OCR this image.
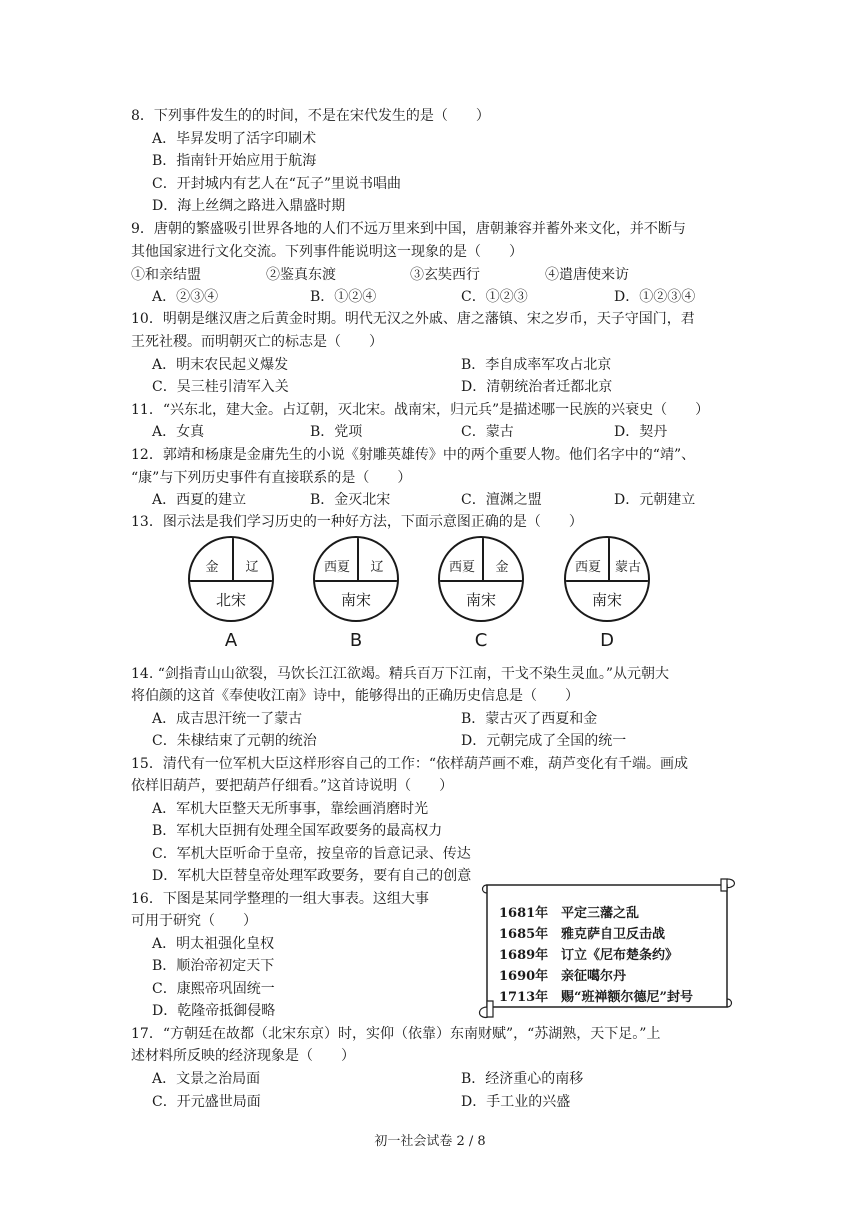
8．下列事件发生的的时间，不是在宋代发生的是（　　）
A．毕昇发明了活字印刷术
B．指南针开始应用于航海
C．开封城内有艺人在“瓦子”里说书唱曲
D．海上丝绸之路进入鼎盛时期
9．唐朝的繁盛吸引世界各地的人们不远万里来到中国，唐朝兼容并蓄外来文化，并不断与
其他国家进行文化交流。下列事件能说明这一现象的是（　　）
①和亲结盟	②鉴真东渡	③玄奘西行	④遣唐使来访
A．②③④	B．①②④	C．①②③	D．①②③④
10．明朝是继汉唐之后黄金时期。明代无汉之外戚、唐之藩镇、宋之岁币，天子守国门，君
王死社稷。而明朝灭亡的标志是（　　）
A．明末农民起义爆发	B．李自成率军攻占北京
C．吴三桂引清军入关	D．清朝统治者迁都北京
11．“兴东北，建大金。占辽朝，灭北宋。战南宋，归元兵”是描述哪一民族的兴衰史（　　）
A．女真	B．党项	C．蒙古	D．契丹
12．郭靖和杨康是金庸先生的小说《射雕英雄传》中的两个重要人物。他们名字中的“靖”、
“康”与下列历史事件有直接联系的是（　　）
A．西夏的建立	B．金灭北宋	C．澶渊之盟	D．元朝建立
13．图示法是我们学习历史的一种好方法，下面示意图正确的是（　　）
金	辽
北宋
A
西夏	辽
南宋
B
西夏	金
南宋
C
西夏	蒙古
南宋
D
14. “剑指青山山欲裂，马饮长江江欲竭。精兵百万下江南，干戈不染生灵血。”从元朝大
将伯颜的这首《奉使收江南》诗中，能够得出的正确历史信息是（　　）
A．成吉思汗统一了蒙古	B．蒙古灭了西夏和金
C．朱棣结束了元朝的统治	D．元朝完成了全国的统一
15．清代有一位军机大臣这样形容自己的工作：“依样葫芦画不难，葫芦变化有千端。画成
依样旧葫芦，要把葫芦仔细看。”这首诗说明（　　）
A．军机大臣整天无所事事，靠绘画消磨时光
B．军机大臣拥有处理全国军政要务的最高权力
C．军机大臣听命于皇帝，按皇帝的旨意记录、传达
D．军机大臣替皇帝处理军政要务，要有自己的创意
16．下图是某同学整理的一组大事表。这组大事
可用于研究（　　）
A．明太祖强化皇权
B．顺治帝初定天下
C．康熙帝巩固统一
D．乾隆帝抵御侵略
1681年 平定三藩之乱
1685年 雅克萨自卫反击战
1689年 订立《尼布楚条约》
1690年 亲征噶尔丹
1713年 赐“班禅额尔德尼”封号
17．“方朝廷在故都（北宋东京）时，实仰（依靠）东南财赋”，“苏湖熟，天下足。”上
述材料所反映的经济现象是（　　）
A．文景之治局面	B．经济重心的南移
C．开元盛世局面	D．手工业的兴盛
初一社会试卷 2 / 8
